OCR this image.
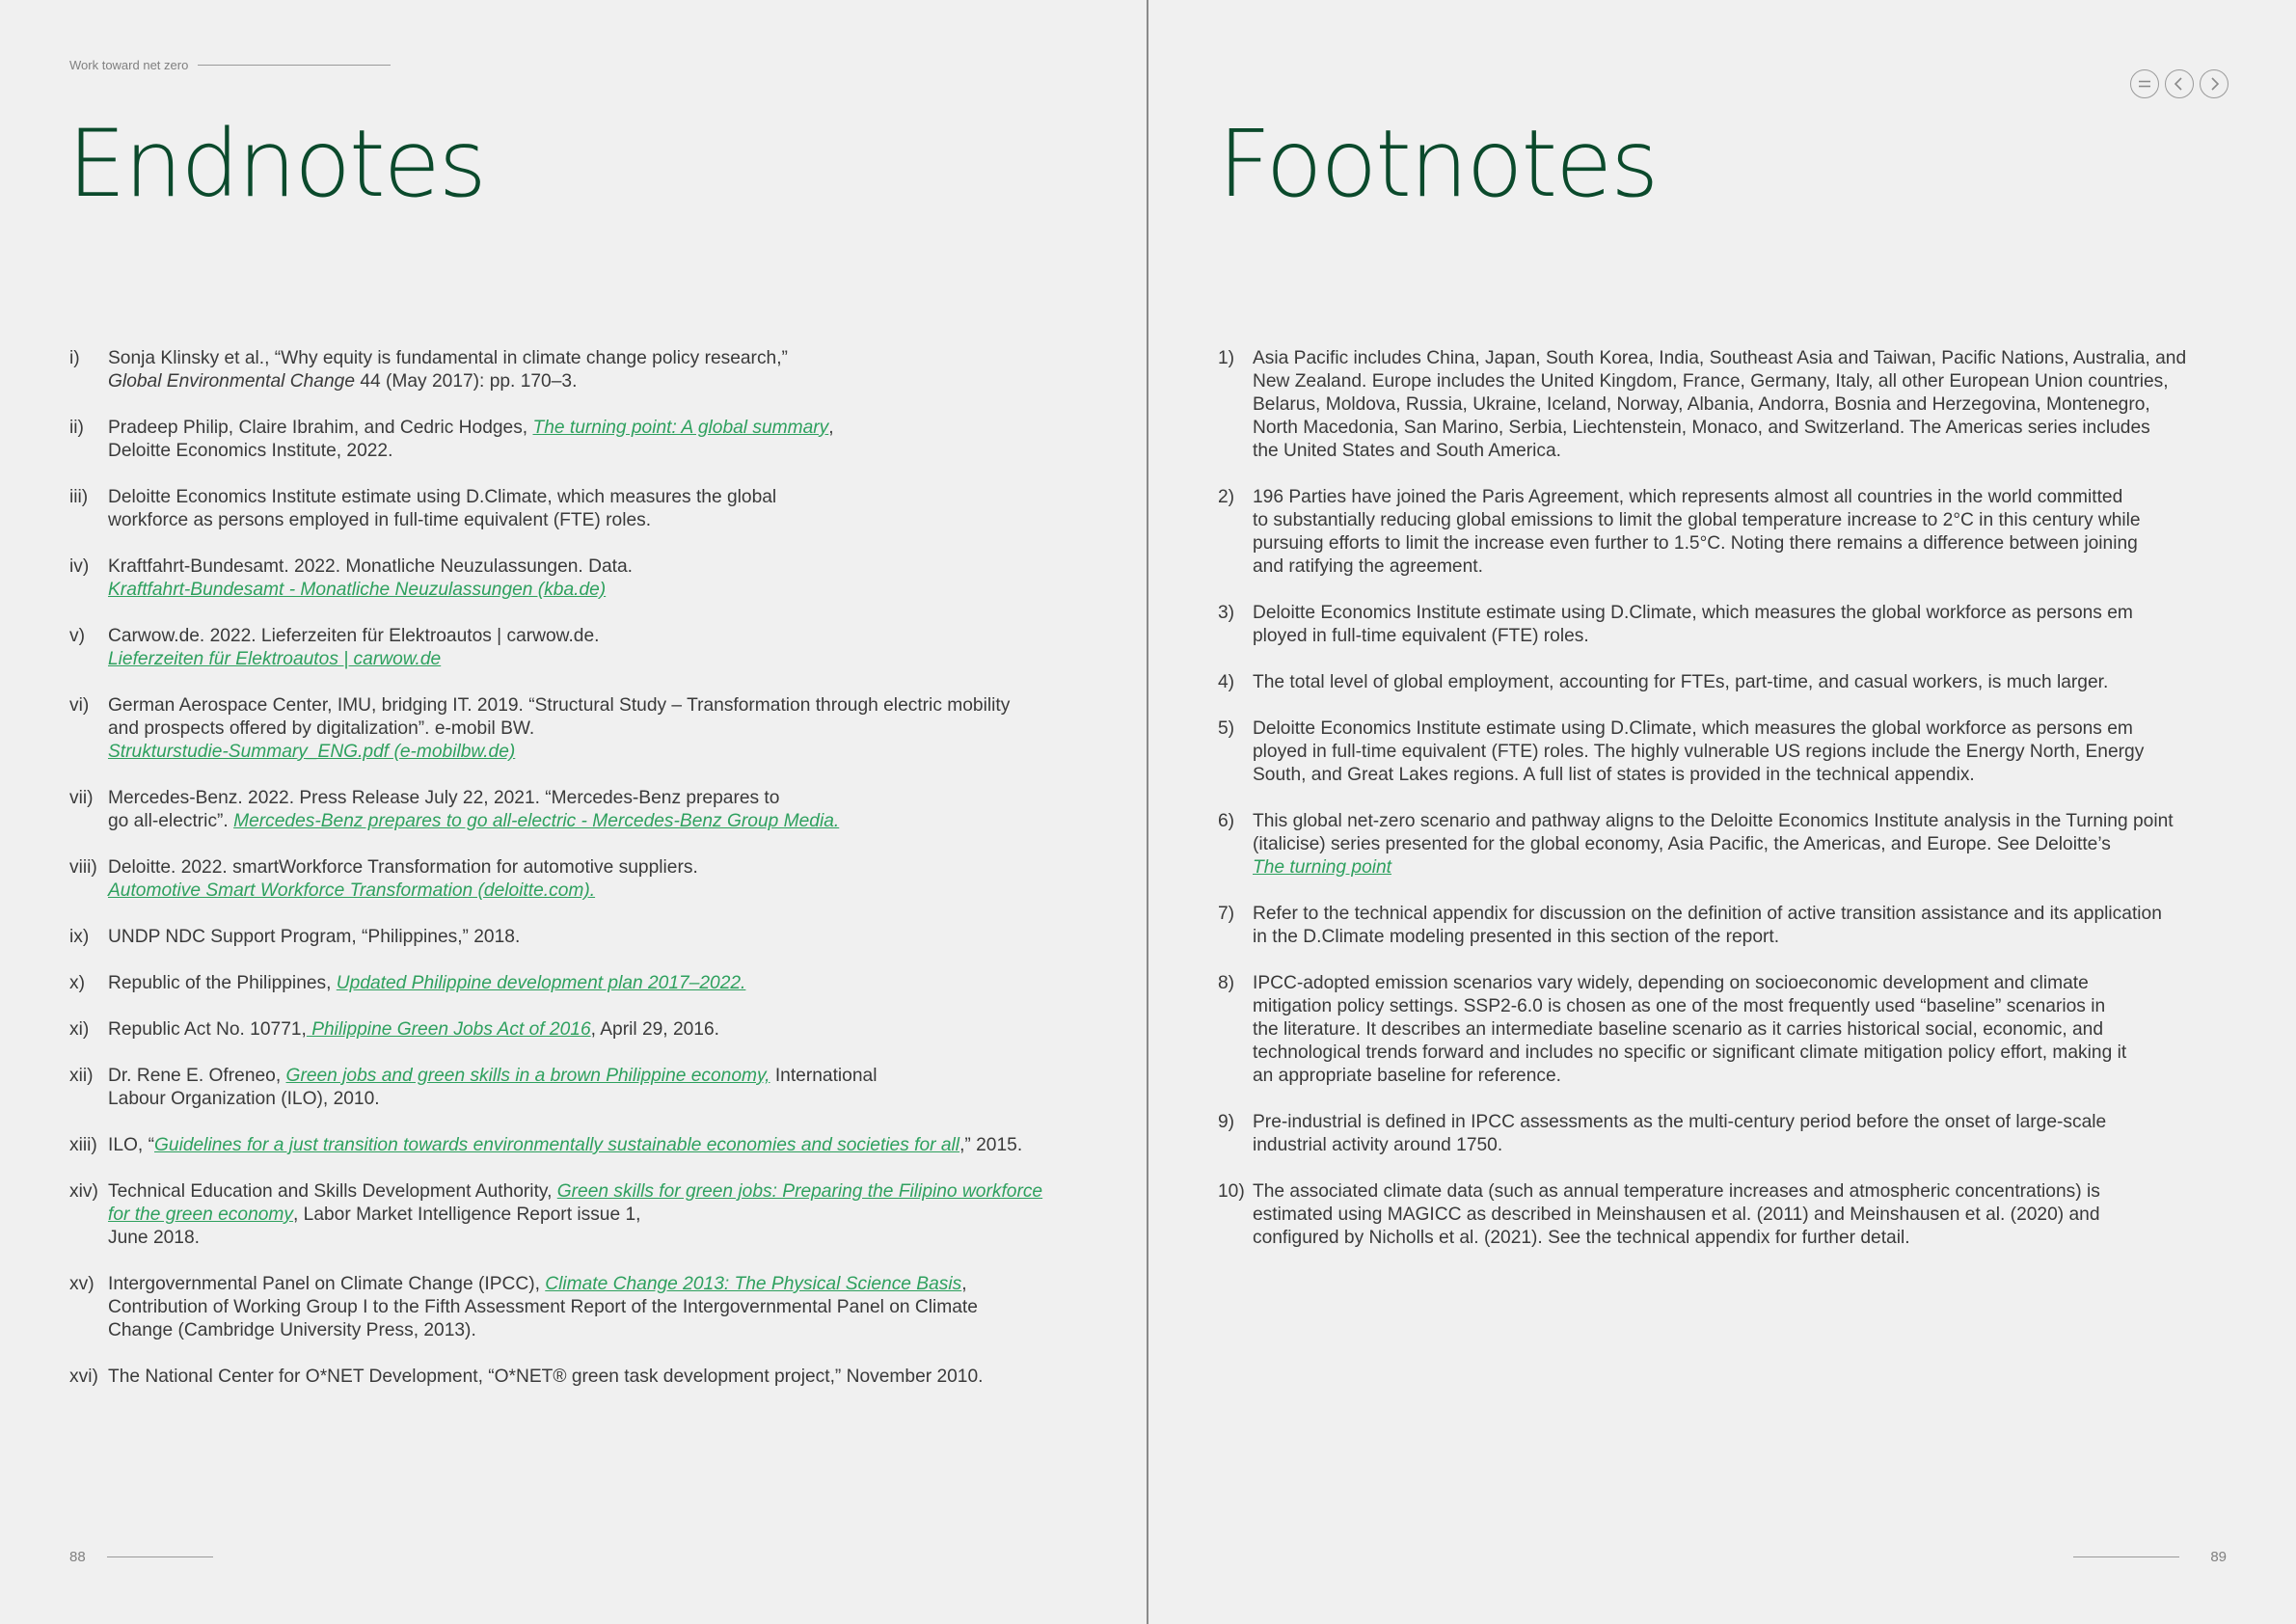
Work toward net zero
Endnotes
i) Sonja Klinsky et al., “Why equity is fundamental in climate change policy research,”
Global Environmental Change 44 (May 2017): pp. 170–3.
ii) Pradeep Philip, Claire Ibrahim, and Cedric Hodges, The turning point: A global summary,
Deloitte Economics Institute, 2022.
iii) Deloitte Economics Institute estimate using D.Climate, which measures the global
workforce as persons employed in full-time equivalent (FTE) roles.
iv) Kraftfahrt-Bundesamt. 2022. Monatliche Neuzulassungen. Data.
Kraftfahrt-Bundesamt - Monatliche Neuzulassungen (kba.de)
v) Carwow.de. 2022. Lieferzeiten für Elektroautos | carwow.de.
Lieferzeiten für Elektroautos | carwow.de
vi) German Aerospace Center, IMU, bridging IT. 2019. “Structural Study – Transformation through electric mobility
and prospects offered by digitalization”. e-mobil BW.
Strukturstudie-Summary_ENG.pdf (e-mobilbw.de)
vii) Mercedes-Benz. 2022. Press Release July 22, 2021. “Mercedes-Benz prepares to
go all-electric”. Mercedes-Benz prepares to go all-electric - Mercedes-Benz Group Media.
viii) Deloitte. 2022. smartWorkforce Transformation for automotive suppliers.
Automotive Smart Workforce Transformation (deloitte.com).
ix) UNDP NDC Support Program, “Philippines,” 2018.
x) Republic of the Philippines, Updated Philippine development plan 2017–2022.
xi) Republic Act No. 10771, Philippine Green Jobs Act of 2016, April 29, 2016.
xii) Dr. Rene E. Ofreneo, Green jobs and green skills in a brown Philippine economy, International
Labour Organization (ILO), 2010.
xiii) ILO, “Guidelines for a just transition towards environmentally sustainable economies and societies for all,” 2015.
xiv) Technical Education and Skills Development Authority, Green skills for green jobs: Preparing the Filipino workforce
for the green economy, Labor Market Intelligence Report issue 1,
June 2018.
xv) Intergovernmental Panel on Climate Change (IPCC), Climate Change 2013: The Physical Science Basis,
Contribution of Working Group I to the Fifth Assessment Report of the Intergovernmental Panel on Climate
Change (Cambridge University Press, 2013).
xvi) The National Center for O*NET Development, “O*NET® green task development project,” November 2010.
88
Footnotes
1) Asia Pacific includes China, Japan, South Korea, India, Southeast Asia and Taiwan, Pacific Nations, Australia, and
New Zealand. Europe includes the United Kingdom, France, Germany, Italy, all other European Union countries,
Belarus, Moldova, Russia, Ukraine, Iceland, Norway, Albania, Andorra, Bosnia and Herzegovina, Montenegro,
North Macedonia, San Marino, Serbia, Liechtenstein, Monaco, and Switzerland. The Americas series includes
the United States and South America.
2) 196 Parties have joined the Paris Agreement, which represents almost all countries in the world committed
to substantially reducing global emissions to limit the global temperature increase to 2°C in this century while
pursuing efforts to limit the increase even further to 1.5°C. Noting there remains a difference between joining
and ratifying the agreement.
3) Deloitte Economics Institute estimate using D.Climate, which measures the global workforce as persons em
ployed in full-time equivalent (FTE) roles.
4) The total level of global employment, accounting for FTEs, part-time, and casual workers, is much larger.
5) Deloitte Economics Institute estimate using D.Climate, which measures the global workforce as persons em
ployed in full-time equivalent (FTE) roles. The highly vulnerable US regions include the Energy North, Energy
South, and Great Lakes regions. A full list of states is provided in the technical appendix.
6) This global net-zero scenario and pathway aligns to the Deloitte Economics Institute analysis in the Turning point
(italicise) series presented for the global economy, Asia Pacific, the Americas, and Europe. See Deloitte’s
The turning point
7) Refer to the technical appendix for discussion on the definition of active transition assistance and its application
in the D.Climate modeling presented in this section of the report.
8) IPCC-adopted emission scenarios vary widely, depending on socioeconomic development and climate
mitigation policy settings. SSP2-6.0 is chosen as one of the most frequently used “baseline” scenarios in
the literature. It describes an intermediate baseline scenario as it carries historical social, economic, and
technological trends forward and includes no specific or significant climate mitigation policy effort, making it
an appropriate baseline for reference.
9) Pre-industrial is defined in IPCC assessments as the multi-century period before the onset of large-scale
industrial activity around 1750.
10) The associated climate data (such as annual temperature increases and atmospheric concentrations) is
estimated using MAGICC as described in Meinshausen et al. (2011) and Meinshausen et al. (2020) and
configured by Nicholls et al. (2021). See the technical appendix for further detail.
89
